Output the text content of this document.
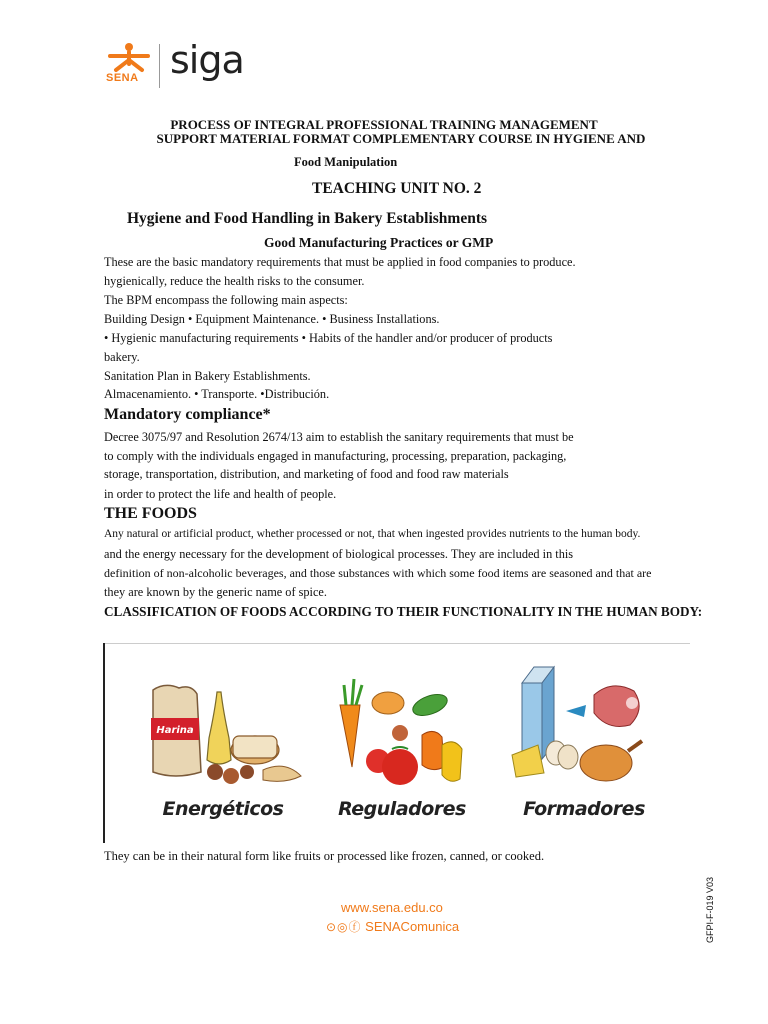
SENA siga
PROCESS OF INTEGRAL PROFESSIONAL TRAINING MANAGEMENT
SUPPORT MATERIAL FORMAT COMPLEMENTARY COURSE IN HYGIENE AND
Food Manipulation
TEACHING UNIT NO. 2
Hygiene and Food Handling in Bakery Establishments
Good Manufacturing Practices or GMP
These are the basic mandatory requirements that must be applied in food companies to produce.
hygienically, reduce the health risks to the consumer.
The BPM encompass the following main aspects:
Building Design • Equipment Maintenance. • Business Installations.
• Hygienic manufacturing requirements • Habits of the handler and/or producer of products
bakery.
Sanitation Plan in Bakery Establishments.
Almacenamiento. • Transporte. •Distribución.
Mandatory compliance*
Decree 3075/97 and Resolution 2674/13 aim to establish the sanitary requirements that must be
to comply with the individuals engaged in manufacturing, processing, preparation, packaging,
storage, transportation, distribution, and marketing of food and food raw materials
in order to protect the life and health of people.
THE FOODS
Any natural or artificial product, whether processed or not, that when ingested provides nutrients to the human body.
and the energy necessary for the development of biological processes. They are included in this
definition of non-alcoholic beverages, and those substances with which some food items are seasoned and that are
they are known by the generic name of spice.
CLASSIFICATION OF FOODS ACCORDING TO THEIR FUNCTIONALITY IN THE HUMAN BODY:
Harina
Energéticos	Reguladores	Formadores
They can be in their natural form like fruits or processed like frozen, canned, or cooked.
www.sena.edu.co
⊙◎ⓕ SENAComunica	GFPI-F-019 V03
